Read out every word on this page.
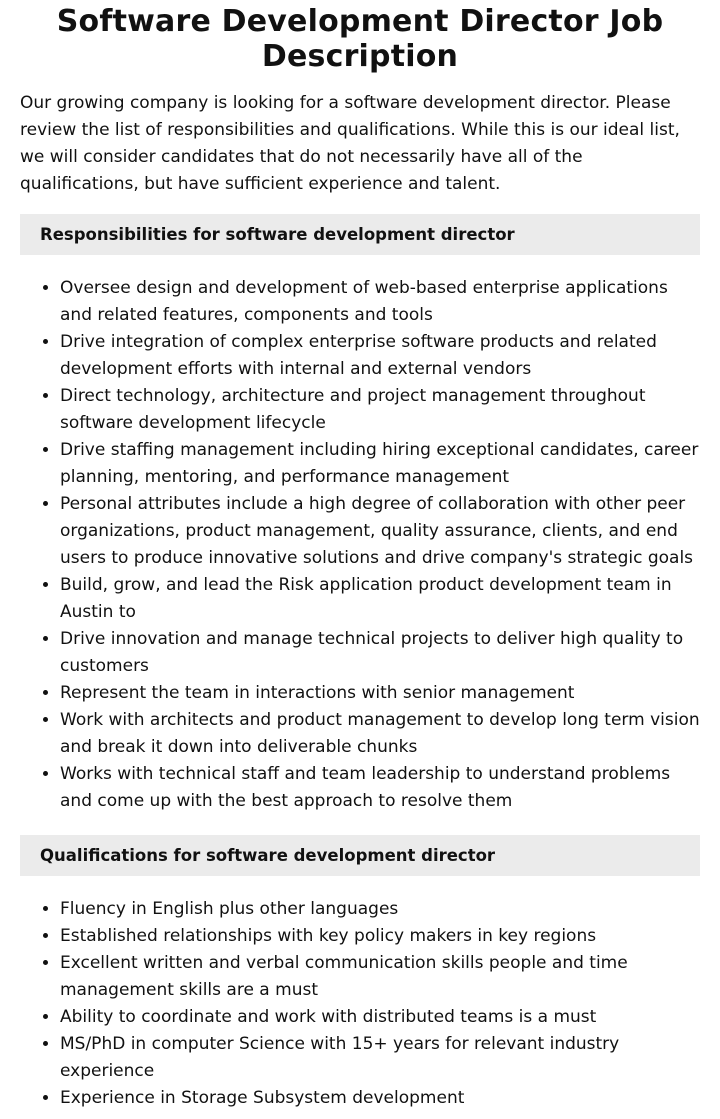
Software Development Director Job Description

Our growing company is looking for a software development director. Please review the list of responsibilities and qualifications. While this is our ideal list, we will consider candidates that do not necessarily have all of the qualifications, but have sufficient experience and talent.

Responsibilities for software development director
• Oversee design and development of web-based enterprise applications and related features, components and tools
• Drive integration of complex enterprise software products and related development efforts with internal and external vendors
• Direct technology, architecture and project management throughout software development lifecycle
• Drive staffing management including hiring exceptional candidates, career planning, mentoring, and performance management
• Personal attributes include a high degree of collaboration with other peer organizations, product management, quality assurance, clients, and end users to produce innovative solutions and drive company's strategic goals
• Build, grow, and lead the Risk application product development team in Austin to
• Drive innovation and manage technical projects to deliver high quality to customers
• Represent the team in interactions with senior management
• Work with architects and product management to develop long term vision and break it down into deliverable chunks
• Works with technical staff and team leadership to understand problems and come up with the best approach to resolve them
Qualifications for software development director
• Fluency in English plus other languages
• Established relationships with key policy makers in key regions
• Excellent written and verbal communication skills people and time management skills are a must
• Ability to coordinate and work with distributed teams is a must
• MS/PhD in computer Science with 15+ years for relevant industry experience
• Experience in Storage Subsystem development
